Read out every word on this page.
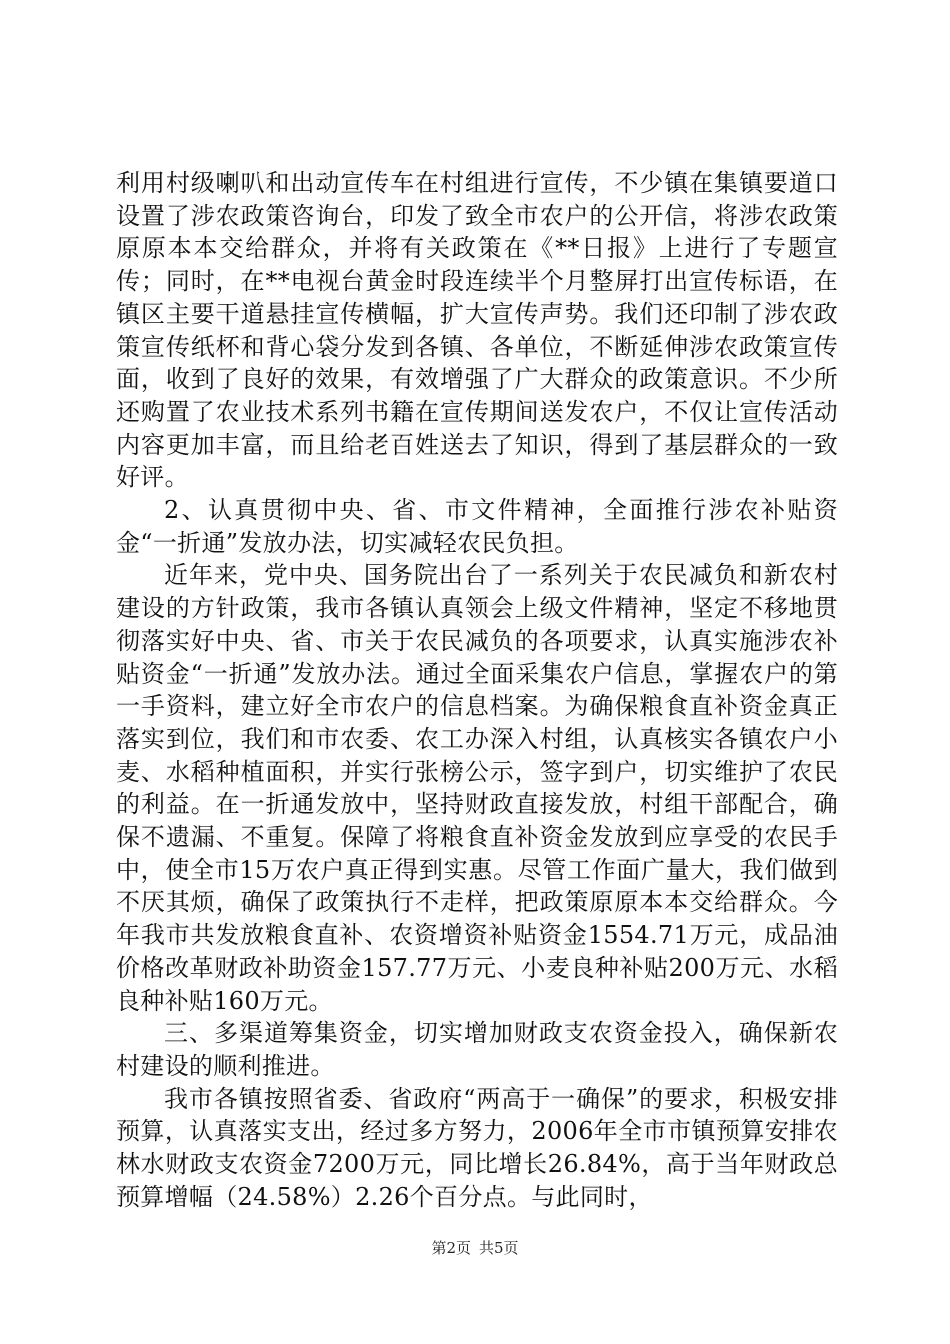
利用村级喇叭和出动宣传车在村组进行宣传，不少镇在集镇要道口设置了涉农政策咨询台，印发了致全市农户的公开信，将涉农政策原原本本交给群众，并将有关政策在《**日报》上进行了专题宣传；同时，在**电视台黄金时段连续半个月整屏打出宣传标语，在镇区主要干道悬挂宣传横幅，扩大宣传声势。我们还印制了涉农政策宣传纸杯和背心袋分发到各镇、各单位，不断延伸涉农政策宣传面，收到了良好的效果，有效增强了广大群众的政策意识。不少所还购置了农业技术系列书籍在宣传期间送发农户，不仅让宣传活动内容更加丰富，而且给老百姓送去了知识，得到了基层群众的一致好评。

2、认真贯彻中央、省、市文件精神，全面推行涉农补贴资金“一折通”发放办法，切实减轻农民负担。

近年来，党中央、国务院出台了一系列关于农民减负和新农村建设的方针政策，我市各镇认真领会上级文件精神，坚定不移地贯彻落实好中央、省、市关于农民减负的各项要求，认真实施涉农补贴资金“一折通”发放办法。通过全面采集农户信息，掌握农户的第一手资料，建立好全市农户的信息档案。为确保粮食直补资金真正落实到位，我们和市农委、农工办深入村组，认真核实各镇农户小麦、水稻种植面积，并实行张榜公示，签字到户，切实维护了农民的利益。在一折通发放中，坚持财政直接发放，村组干部配合，确保不遗漏、不重复。保障了将粮食直补资金发放到应享受的农民手中，使全市15万农户真正得到实惠。尽管工作面广量大，我们做到不厌其烦，确保了政策执行不走样，把政策原原本本交给群众。今年我市共发放粮食直补、农资增资补贴资金1554.71万元，成品油价格改革财政补助资金157.77万元、小麦良种补贴200万元、水稻良种补贴160万元。

三、多渠道筹集资金，切实增加财政支农资金投入，确保新农村建设的顺利推进。

我市各镇按照省委、省政府“两高于一确保”的要求，积极安排预算，认真落实支出，经过多方努力，2006年全市市镇预算安排农林水财政支农资金7200万元，同比增长26.84%，高于当年财政总预算增幅（24.58%）2.26个百分点。与此同时，

第2页 共5页
